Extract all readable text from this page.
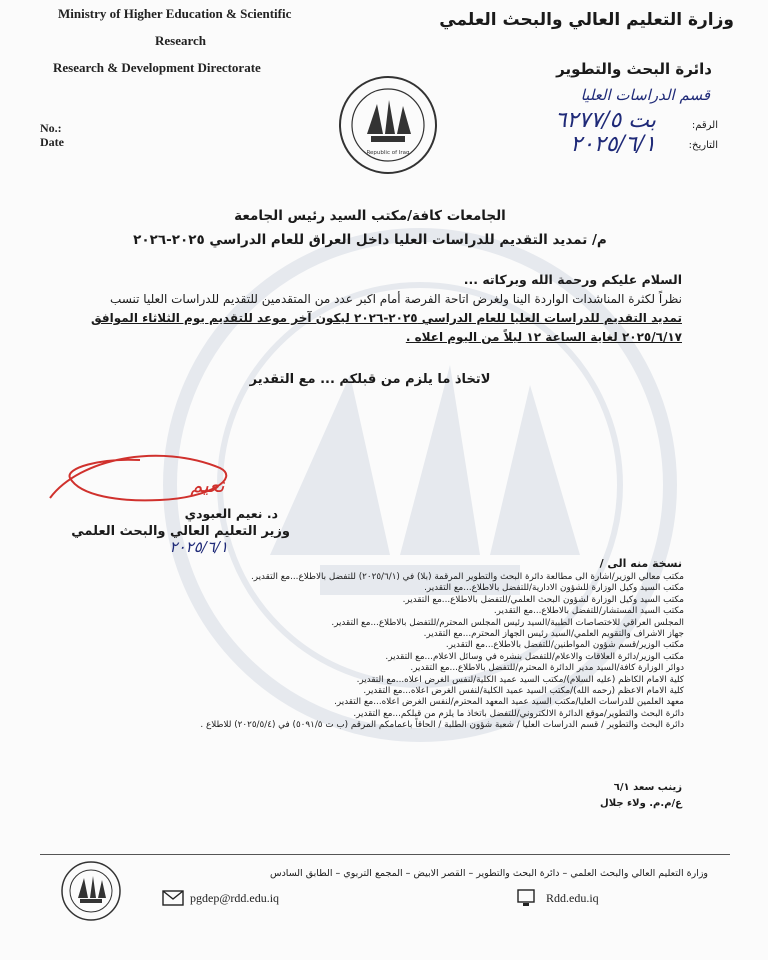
Ministry of Higher Education & Scientific
Research
Research & Development Directorate
No.:
Date
Republic of Iraq
وزارة التعليم العالي والبحث العلمي
دائرة البحث والتطوير
قسم الدراسات العليا
الرقم:
بت ٦٢٧٧/٥
التاريخ:
٢٠٢٥/٦/١
الجامعات كافة/مكتب السيد رئيس الجامعة
م/ تمديد التقديم للدراسات العليا داخل العراق للعام الدراسي ٢٠٢٥-٢٠٢٦
السلام عليكم ورحمة الله وبركاته ...
نظراً لكثرة المناشدات الواردة الينا ولغرض اتاحة الفرصة أمام اكبر عدد من المتقدمين للتقديم للدراسات العليا تنسب
تمديد التقديم للدراسات العليا للعام الدراسي ٢٠٢٥-٢٠٢٦ ليكون آخر موعد للتقديم يوم الثلاثاء الموافق
٢٠٢٥/٦/١٧ لغاية الساعة ١٢ ليلاً من اليوم اعلاه .
لاتخاذ ما يلزم من قبلكم ... مع التقدير
نعيم
د. نعيم العبودي
وزير التعليم العالي والبحث العلمي
٢٠٢٥/٦/١
نسخة منه الى /
مكتب معالي الوزير/اشارة الى مطالعة دائرة البحث والتطوير المرقمة (بلا) في (٢٠٢٥/٦/١) للتفضل بالاطلاع...مع التقدير.
مكتب السيد وكيل الوزارة للشؤون الادارية/للتفضل بالاطلاع...مع التقدير.
مكتب السيد وكيل الوزارة لشؤون البحث العلمي/للتفضل بالاطلاع...مع التقدير.
مكتب السيد المستشار/للتفضل بالاطلاع...مع التقدير.
المجلس العراقي للاختصاصات الطبية/السيد رئيس المجلس المحترم/للتفضل بالاطلاع...مع التقدير.
جهاز الاشراف والتقويم العلمي/السيد رئيس الجهاز المحترم...مع التقدير.
مكتب الوزير/قسم شؤون المواطنين/للتفضل بالاطلاع...مع التقدير.
مكتب الوزير/دائرة العلاقات والاعلام/للتفضل بنشره في وسائل الاعلام...مع التقدير.
دوائر الوزارة كافة/السيد مدير الدائرة المحترم/للتفضل بالاطلاع...مع التقدير.
كلية الامام الكاظم (عليه السلام)/مكتب السيد عميد الكلية/لنفس الغرض اعلاه...مع التقدير.
كلية الامام الاعظم (رحمه الله)/مكتب السيد عميد الكلية/لنفس الغرض اعلاه...مع التقدير.
معهد العلمين للدراسات العليا/مكتب السيد عميد المعهد المحترم/لنفس الغرض اعلاه...مع التقدير.
دائرة البحث والتطوير/موقع الدائرة الالكتروني/للتفضل باتخاذ ما يلزم من قبلكم...مع التقدير.
دائرة البحث والتطوير / قسم الدراسات العليا / شعبة شؤون الطلبة / الحاقاً باعمامكم المرقم (ب ت ٥٠٩١/٥) في (٢٠٢٥/٥/٤) للاطلاع .
زينب سعد ٦/١
ع/م.م. ولاء جلال
وزارة التعليم العالي والبحث العلمي – دائرة البحث والتطوير – القصر الابيض – المجمع التربوي – الطابق السادس
pgdep@rdd.edu.iq	Rdd.edu.iq
